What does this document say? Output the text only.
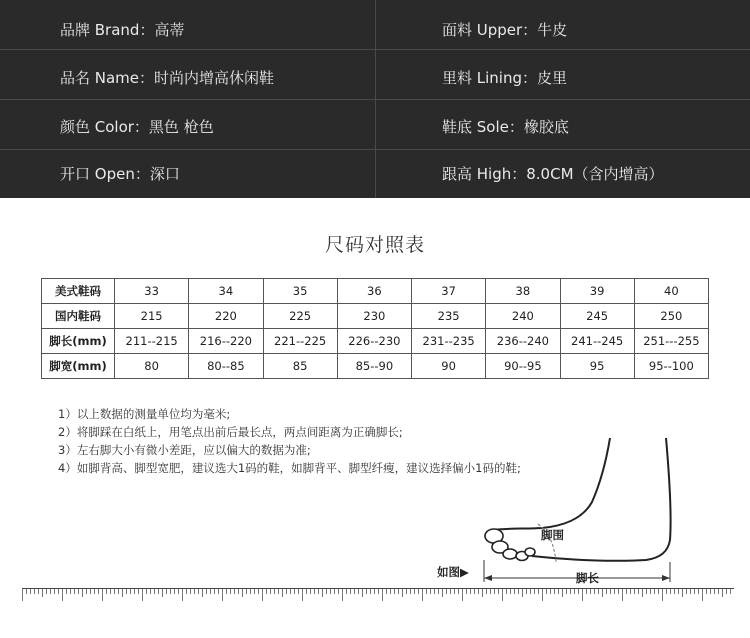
品牌 Brand：高蒂	面料 Upper：牛皮
品名 Name：时尚内增高休闲鞋	里料 Lining：皮里
颜色 Color：黑色 枪色	鞋底 Sole：橡胶底
开口 Open：深口	跟高 High：8.0CM（含内增高）
尺码对照表
美式鞋码	33	34	35	36	37	38	39	40
国内鞋码	215	220	225	230	235	240	245	250
脚长(mm)	211--215	216--220	221--225	226--230	231--235	236--240	241--245	251---255
脚宽(mm)	80	80--85	85	85--90	90	90--95	95	95--100
1）以上数据的测量单位均为毫米;
2）将脚踩在白纸上，用笔点出前后最长点，两点间距离为正确脚长;
3）左右脚大小有微小差距，应以偏大的数据为准;
4）如脚背高、脚型宽肥，建议选大1码的鞋，如脚背平、脚型纤瘦，建议选择偏小1码的鞋;
脚围
脚长
如图▶
